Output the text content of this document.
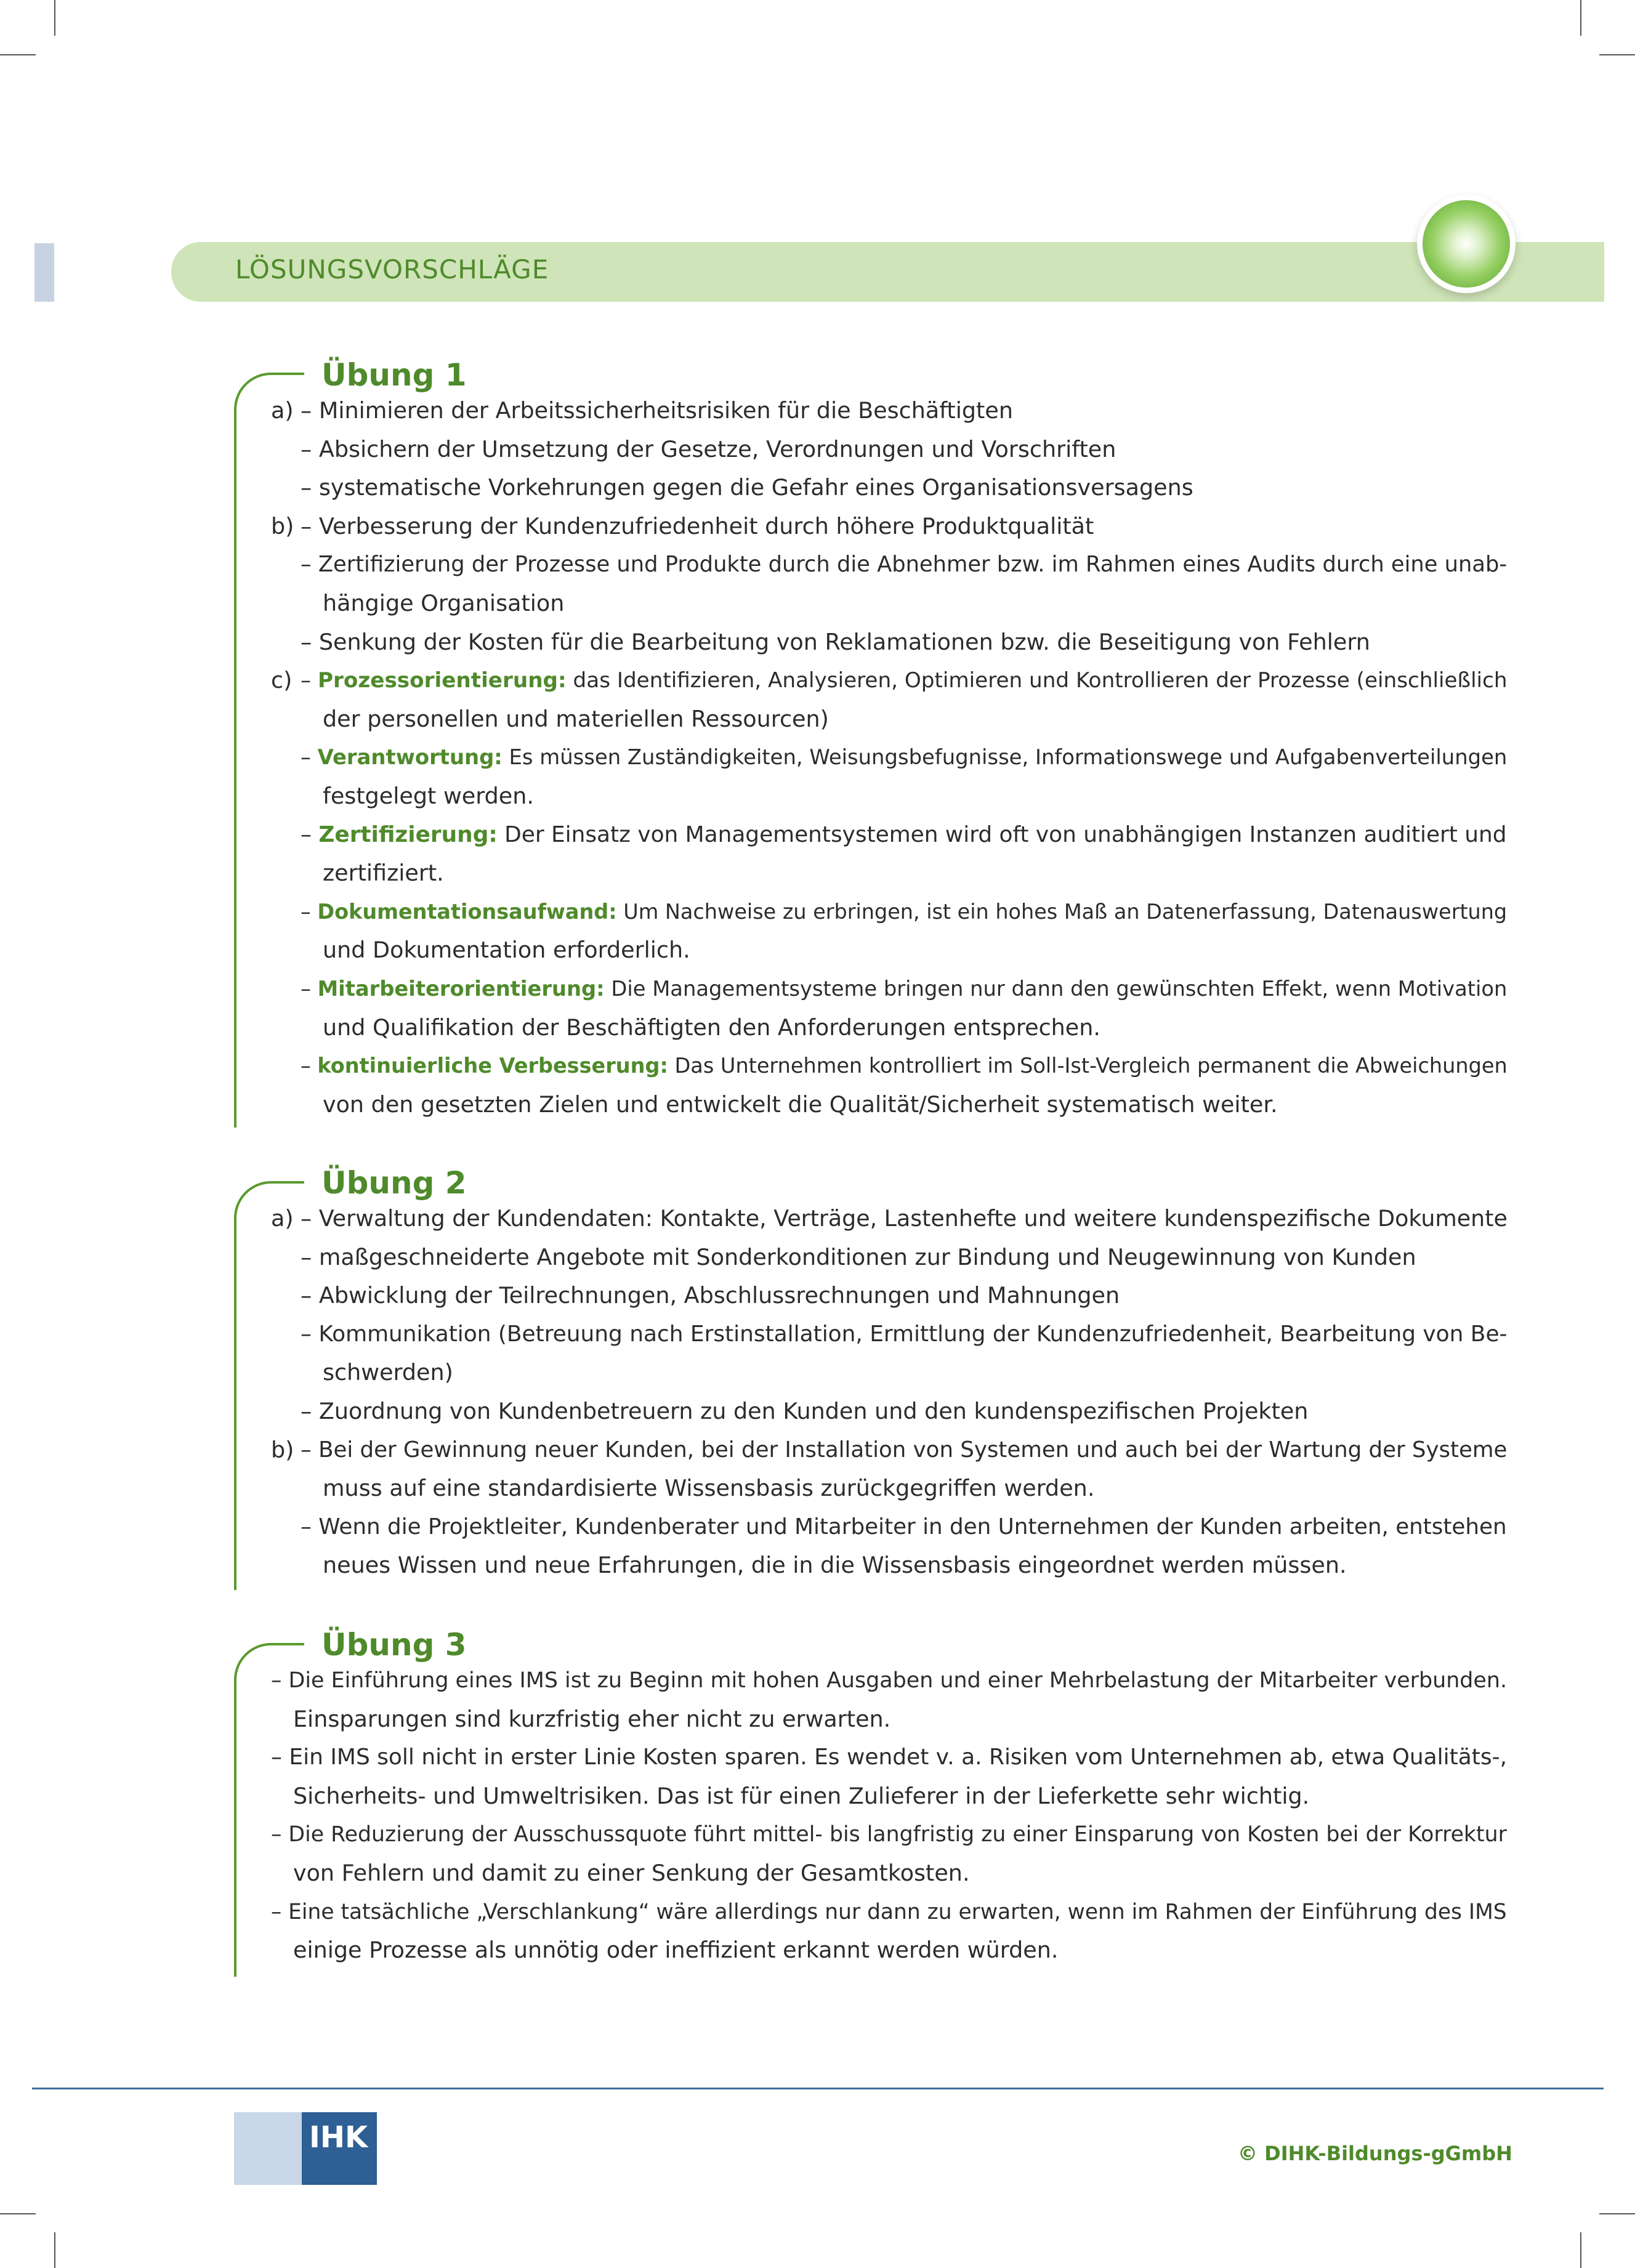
LÖSUNGSVORSCHLÄGE
Übung 1
a) – Minimieren der Arbeitssicherheitsrisiken für die Beschäftigten
– Absichern der Umsetzung der Gesetze, Verordnungen und Vorschriften
– systematische Vorkehrungen gegen die Gefahr eines Organisationsversagens
b) – Verbesserung der Kundenzufriedenheit durch höhere Produktqualität
– Zertifizierung der Prozesse und Produkte durch die Abnehmer bzw. im Rahmen eines Audits durch eine unab-
hängige Organisation
– Senkung der Kosten für die Bearbeitung von Reklamationen bzw. die Beseitigung von Fehlern
c) – Prozessorientierung: das Identifizieren, Analysieren, Optimieren und Kontrollieren der Prozesse (einschließlich
der personellen und materiellen Ressourcen)
– Verantwortung: Es müssen Zuständigkeiten, Weisungsbefugnisse, Informationswege und Aufgabenverteilungen
festgelegt werden.
– Zertifizierung: Der Einsatz von Managementsystemen wird oft von unabhängigen Instanzen auditiert und
zertifiziert.
– Dokumentationsaufwand: Um Nachweise zu erbringen, ist ein hohes Maß an Datenerfassung, Datenauswertung
und Dokumentation erforderlich.
– Mitarbeiterorientierung: Die Managementsysteme bringen nur dann den gewünschten Effekt, wenn Motivation
und Qualifikation der Beschäftigten den Anforderungen entsprechen.
– kontinuierliche Verbesserung: Das Unternehmen kontrolliert im Soll-Ist-Vergleich permanent die Abweichungen
von den gesetzten Zielen und entwickelt die Qualität/Sicherheit systematisch weiter.
Übung 2
a) – Verwaltung der Kundendaten: Kontakte, Verträge, Lastenhefte und weitere kundenspezifische Dokumente
– maßgeschneiderte Angebote mit Sonderkonditionen zur Bindung und Neugewinnung von Kunden
– Abwicklung der Teilrechnungen, Abschlussrechnungen und Mahnungen
– Kommunikation (Betreuung nach Erstinstallation, Ermittlung der Kundenzufriedenheit, Bearbeitung von Be-
schwerden)
– Zuordnung von Kundenbetreuern zu den Kunden und den kundenspezifischen Projekten
b) – Bei der Gewinnung neuer Kunden, bei der Installation von Systemen und auch bei der Wartung der Systeme
muss auf eine standardisierte Wissensbasis zurückgegriffen werden.
– Wenn die Projektleiter, Kundenberater und Mitarbeiter in den Unternehmen der Kunden arbeiten, entstehen
neues Wissen und neue Erfahrungen, die in die Wissensbasis eingeordnet werden müssen.
Übung 3
– Die Einführung eines IMS ist zu Beginn mit hohen Ausgaben und einer Mehrbelastung der Mitarbeiter verbunden.
Einsparungen sind kurzfristig eher nicht zu erwarten.
– Ein IMS soll nicht in erster Linie Kosten sparen. Es wendet v. a. Risiken vom Unternehmen ab, etwa Qualitäts-,
Sicherheits- und Umweltrisiken. Das ist für einen Zulieferer in der Lieferkette sehr wichtig.
– Die Reduzierung der Ausschussquote führt mittel- bis langfristig zu einer Einsparung von Kosten bei der Korrektur
von Fehlern und damit zu einer Senkung der Gesamtkosten.
– Eine tatsächliche „Verschlankung“ wäre allerdings nur dann zu erwarten, wenn im Rahmen der Einführung des IMS
einige Prozesse als unnötig oder ineffizient erkannt werden würden.
IHK	© DIHK-Bildungs-gGmbH
